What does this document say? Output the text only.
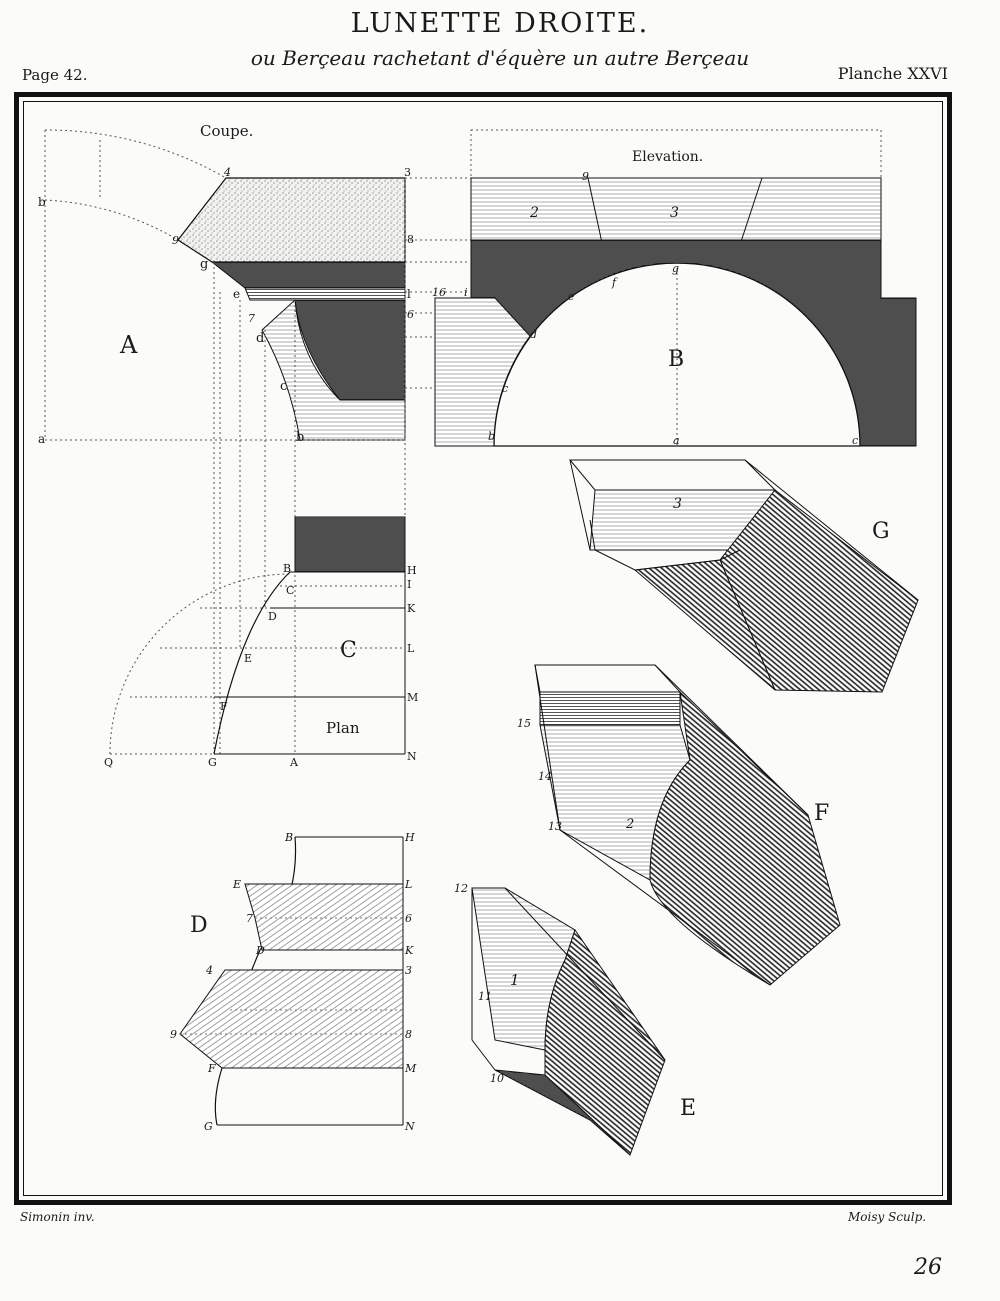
LUNETTE DROITE.
ou Berçeau rachetant d'équère un autre Berçeau
Page 42.	Planche XXVI
Coupe.
A
4	3
b
9	8
g
e	l
6
7
d
c
b
a
Elevation.
2	3
B
9
g
f
e
d
c
b	a	c
16 i
C
Plan
B
C
D
E
F
G	A
Q
H
I
K
L
M
N
D
B	H
E	L
7	6
D	K
4	3
9	8
F	M
G	N
3
G
2	F
15
14
13
1
E
12
11
10
Simonin inv.	Moisy Sculp.
26
